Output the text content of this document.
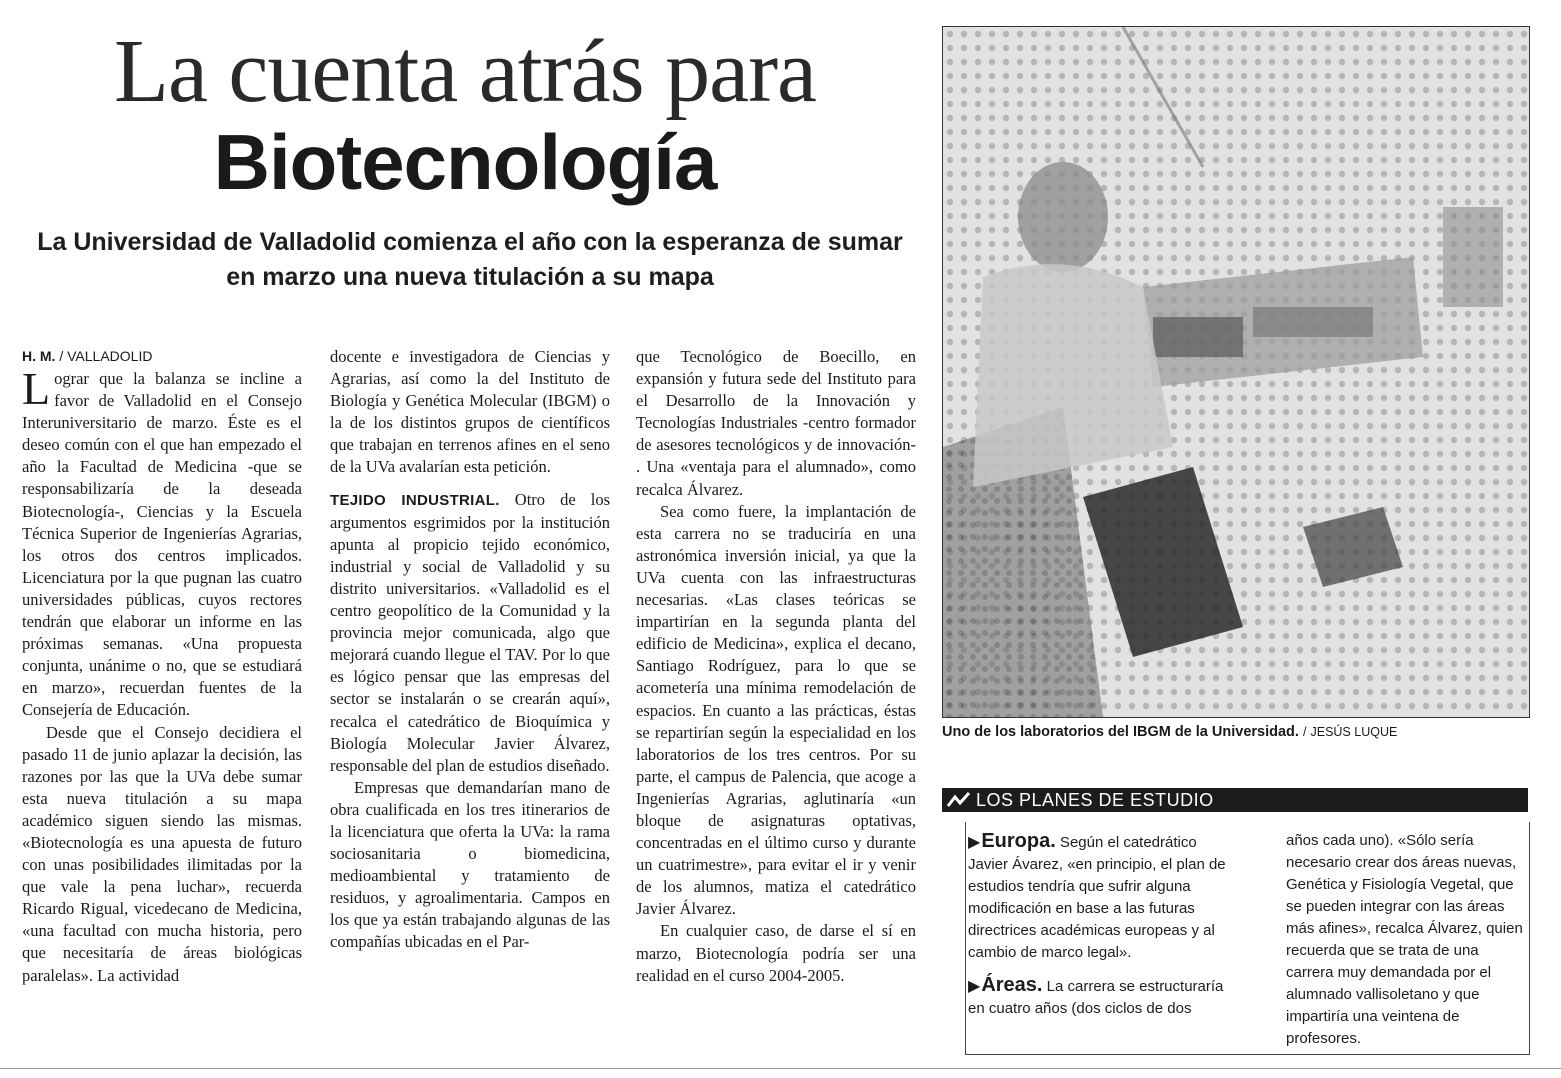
La cuenta atrás para
Biotecnología
La Universidad de Valladolid comienza el año con la esperanza de sumar en marzo una nueva titulación a su mapa
H. M. / VALLADOLID

Lograr que la balanza se incline a favor de Valladolid en el Consejo Interuniversitario de marzo. Éste es el deseo común con el que han empezado el año la Facultad de Medicina -que se responsabilizaría de la deseada Biotecnología-, Ciencias y la Escuela Técnica Superior de Ingenierías Agrarias, los otros dos centros implicados. Licenciatura por la que pugnan las cuatro universidades públicas, cuyos rectores tendrán que elaborar un informe en las próximas semanas. «Una propuesta conjunta, unánime o no, que se estudiará en marzo», recuerdan fuentes de la Consejería de Educación.

Desde que el Consejo decidiera el pasado 11 de junio aplazar la decisión, las razones por las que la UVa debe sumar esta nueva titulación a su mapa académico siguen siendo las mismas. «Biotecnología es una apuesta de futuro con unas posibilidades ilimitadas por la que vale la pena luchar», recuerda Ricardo Rigual, vicedecano de Medicina, «una facultad con mucha historia, pero que necesitaría de áreas biológicas paralelas». La actividad

docente e investigadora de Ciencias y Agrarias, así como la del Instituto de Biología y Genética Molecular (IBGM) o la de los distintos grupos de científicos que trabajan en terrenos afines en el seno de la UVa avalarían esta petición.

TEJIDO INDUSTRIAL. Otro de los argumentos esgrimidos por la institución apunta al propicio tejido económico, industrial y social de Valladolid y su distrito universitarios. «Valladolid es el centro geopolítico de la Comunidad y la provincia mejor comunicada, algo que mejorará cuando llegue el TAV. Por lo que es lógico pensar que las empresas del sector se instalarán o se crearán aquí», recalca el catedrático de Bioquímica y Biología Molecular Javier Álvarez, responsable del plan de estudios diseñado.

Empresas que demandarían mano de obra cualificada en los tres itinerarios de la licenciatura que oferta la UVa: la rama sociosanitaria o biomedicina, medioambiental y tratamiento de residuos, y agroalimentaria. Campos en los que ya están trabajando algunas de las compañías ubicadas en el Par-

que Tecnológico de Boecillo, en expansión y futura sede del Instituto para el Desarrollo de la Innovación y Tecnologías Industriales -centro formador de asesores tecnológicos y de innovación- . Una «ventaja para el alumnado», como recalca Álvarez.

Sea como fuere, la implantación de esta carrera no se traduciría en una astronómica inversión inicial, ya que la UVa cuenta con las infraestructuras necesarias. «Las clases teóricas se impartirían en la segunda planta del edificio de Medicina», explica el decano, Santiago Rodríguez, para lo que se acometería una mínima remodelación de espacios. En cuanto a las prácticas, éstas se repartirían según la especialidad en los laboratorios de los tres centros. Por su parte, el campus de Palencia, que acoge a Ingenierías Agrarias, aglutinaría «un bloque de asignaturas optativas, concentradas en el último curso y durante un cuatrimestre», para evitar el ir y venir de los alumnos, matiza el catedrático Javier Álvarez.

En cualquier caso, de darse el sí en marzo, Biotecnología podría ser una realidad en el curso 2004-2005.

Uno de los laboratorios del IBGM de la Universidad. / JESÚS LUQUE
LOS PLANES DE ESTUDIO

▶Europa. Según el catedrático Javier Ávarez, «en principio, el plan de estudios tendría que sufrir alguna modificación en base a las futuras directrices académicas europeas y al cambio de marco legal».

▶Áreas. La carrera se estructuraría en cuatro años (dos ciclos de dos

años cada uno). «Sólo sería necesario crear dos áreas nuevas, Genética y Fisiología Vegetal, que se pueden integrar con las áreas más afines», recalca Álvarez, quien recuerda que se trata de una carrera muy demandada por el alumnado vallisoletano y que impartiría una veintena de profesores.
